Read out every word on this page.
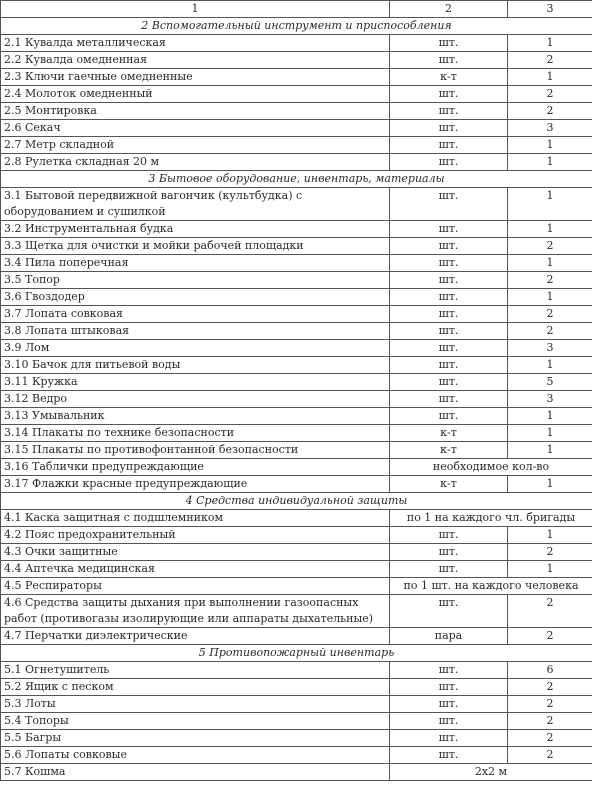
1	2	3
2 Вспомогательный инструмент и приспособления		
2.1 Кувалда металлическая	шт.	1
2.2 Кувалда омедненная	шт.	2
2.3 Ключи гаечные омедненные	к-т	1
2.4 Молоток омедненный	шт.	2
2.5 Монтировка	шт.	2
2.6 Секач	шт.	3
2.7 Метр складной	шт.	1
2.8 Рулетка складная 20 м	шт.	1
3 Бытовое оборудование, инвентарь, материалы		
3.1 Бытовой передвижной вагончик (культбудка) с оборудованием и сушилкой	шт.	1
3.2 Инструментальная будка	шт.	1
3.3 Щетка для очистки и мойки рабочей площадки	шт.	2
3.4 Пила поперечная	шт.	1
3.5 Топор	шт.	2
3.6 Гвоздодер	шт.	1
3.7 Лопата совковая	шт.	2
3.8 Лопата штыковая	шт.	2
3.9 Лом	шт.	3
3.10 Бачок для питьевой воды	шт.	1
3.11 Кружка	шт.	5
3.12 Ведро	шт.	3
3.13 Умывальник	шт.	1
3.14 Плакаты по технике безопасности	к-т	1
3.15 Плакаты по противофонтанной безопасности	к-т	1
3.16 Таблички предупреждающие	необходимое кол-во	
3.17 Флажки красные предупреждающие	к-т	1
4 Средства индивидуальной защиты		
4.1 Каска защитная с подшлемником	по 1 на каждого чл. бригады	
4.2 Пояс предохранительный	шт.	1
4.3 Очки защитные	шт.	2
4.4 Аптечка медицинская	шт.	1
4.5 Респираторы	по 1 шт. на каждого человека	
4.6 Средства защиты дыхания при выполнении газоопасных работ (противогазы изолирующие или аппараты дыхательные)	шт.	2
4.7 Перчатки диэлектрические	пара	2
5 Противопожарный инвентарь		
5.1 Огнетушитель	шт.	6
5.2 Ящик с песком	шт.	2
5.3 Лоты	шт.	2
5.4 Топоры	шт.	2
5.5 Багры	шт.	2
5.6 Лопаты совковые	шт.	2
5.7 Кошма	2х2 м	
